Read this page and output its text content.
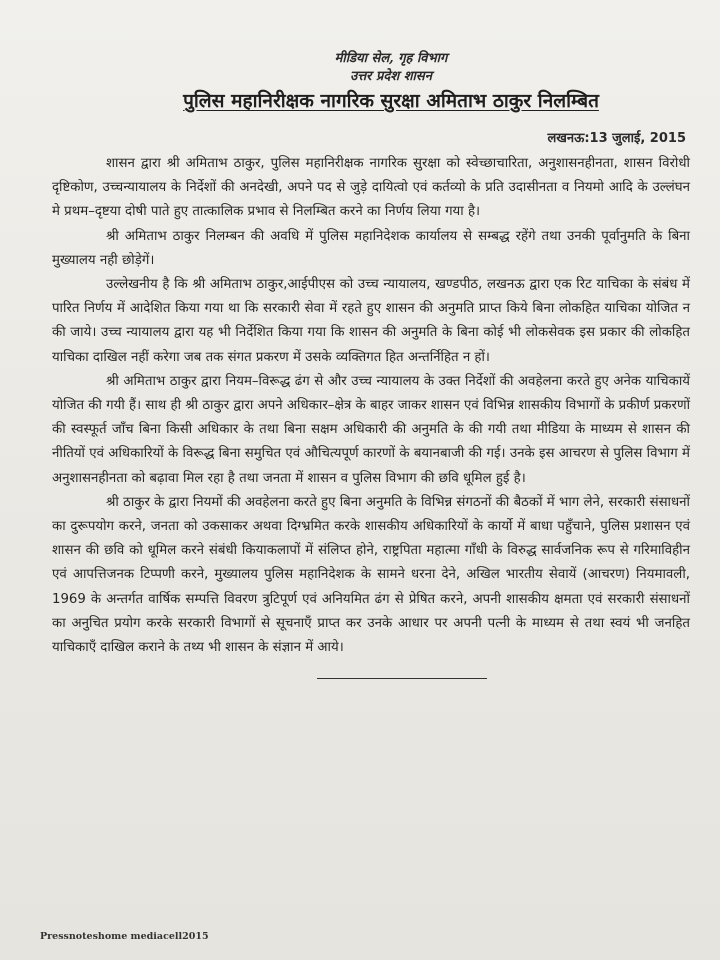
मीडिया सेल, गृह विभाग
उत्तर प्रदेश शासन
पुलिस महानिरीक्षक नागरिक सुरक्षा अमिताभ ठाकुर निलम्बित
लखनऊ:13 जुलाई, 2015

शासन द्वारा श्री अमिताभ ठाकुर, पुलिस महानिरीक्षक नागरिक सुरक्षा को स्वेच्छाचारिता, अनुशासनहीनता, शासन विरोधी दृष्टिकोण, उच्चन्यायालय के निर्देशों की अनदेखी, अपने पद से जुड़े दायित्वो एवं कर्तव्यो के प्रति उदासीनता व नियमो आदि के उल्लंघन मे प्रथम–दृष्टया दोषी पाते हुए तात्कालिक प्रभाव से निलम्बित करने का निर्णय लिया गया है।

श्री अमिताभ ठाकुर निलम्बन की अवधि में पुलिस महानिदेशक कार्यालय से सम्बद्ध रहेंगे तथा उनकी पूर्वानुमति के बिना मुख्यालय नही छोड़ेगें।

उल्लेखनीय है कि श्री अमिताभ ठाकुर,आईपीएस को उच्च न्यायालय, खण्डपीठ, लखनऊ द्वारा एक रिट याचिका के संबंध में पारित निर्णय में आदेशित किया गया था कि सरकारी सेवा में रहते हुए शासन की अनुमति प्राप्त किये बिना लोकहित याचिका योजित न की जाये। उच्च न्यायालय द्वारा यह भी निर्देशित किया गया कि शासन की अनुमति के बिना कोई भी लोकसेवक इस प्रकार की लोकहित याचिका दाखिल नहीं करेगा जब तक संगत प्रकरण में उसके व्यक्तिगत हित अन्तर्निहित न हों।

श्री अमिताभ ठाकुर द्वारा नियम–विरूद्ध ढंग से और उच्च न्यायालय के उक्त निर्देशों की अवहेलना करते हुए अनेक याचिकायें योजित की गयी हैं। साथ ही श्री ठाकुर द्वारा अपने अधिकार–क्षेत्र के बाहर जाकर शासन एवं विभिन्न शासकीय विभागों के प्रकीर्ण प्रकरणों की स्वस्फूर्त जाँच बिना किसी अधिकार के तथा बिना सक्षम अधिकारी की अनुमति के की गयी तथा मीडिया के माध्यम से शासन की नीतियों एवं अधिकारियों के विरूद्ध बिना समुचित एवं औचित्यपूर्ण कारणों के बयानबाजी की गई। उनके इस आचरण से पुलिस विभाग में अनुशासनहीनता को बढ़ावा मिल रहा है तथा जनता में शासन व पुलिस विभाग की छवि धूमिल हुई है।

श्री ठाकुर के द्वारा नियमों की अवहेलना करते हुए बिना अनुमति के विभिन्न संगठनों की बैठकों में भाग लेने, सरकारी संसाधनों का दुरूपयोग करने, जनता को उकसाकर अथवा दिग्भ्रमित करके शासकीय अधिकारियों के कार्यो में बाधा पहुँचाने, पुलिस प्रशासन एवं शासन की छवि को धूमिल करने संबंधी कियाकलापों में संलिप्त होने, राष्ट्रपिता महात्मा गाँधी के विरुद्ध सार्वजनिक रूप से गरिमाविहीन एवं आपत्तिजनक टिप्पणी करने, मुख्यालय पुलिस महानिदेशक के सामने धरना देने, अखिल भारतीय सेवायें (आचरण) नियमावली, 1969 के अन्तर्गत वार्षिक सम्पत्ति विवरण त्रुटिपूर्ण एवं अनियमित ढंग से प्रेषित करने, अपनी शासकीय क्षमता एवं सरकारी संसाधनों का अनुचित प्रयोग करके सरकारी विभागों से सूचनाएँ प्राप्त कर उनके आधार पर अपनी पत्नी के माध्यम से तथा स्वयं भी जनहित याचिकाएँ दाखिल कराने के तथ्य भी शासन के संज्ञान में आये।

Pressnoteshome mediacell2015
